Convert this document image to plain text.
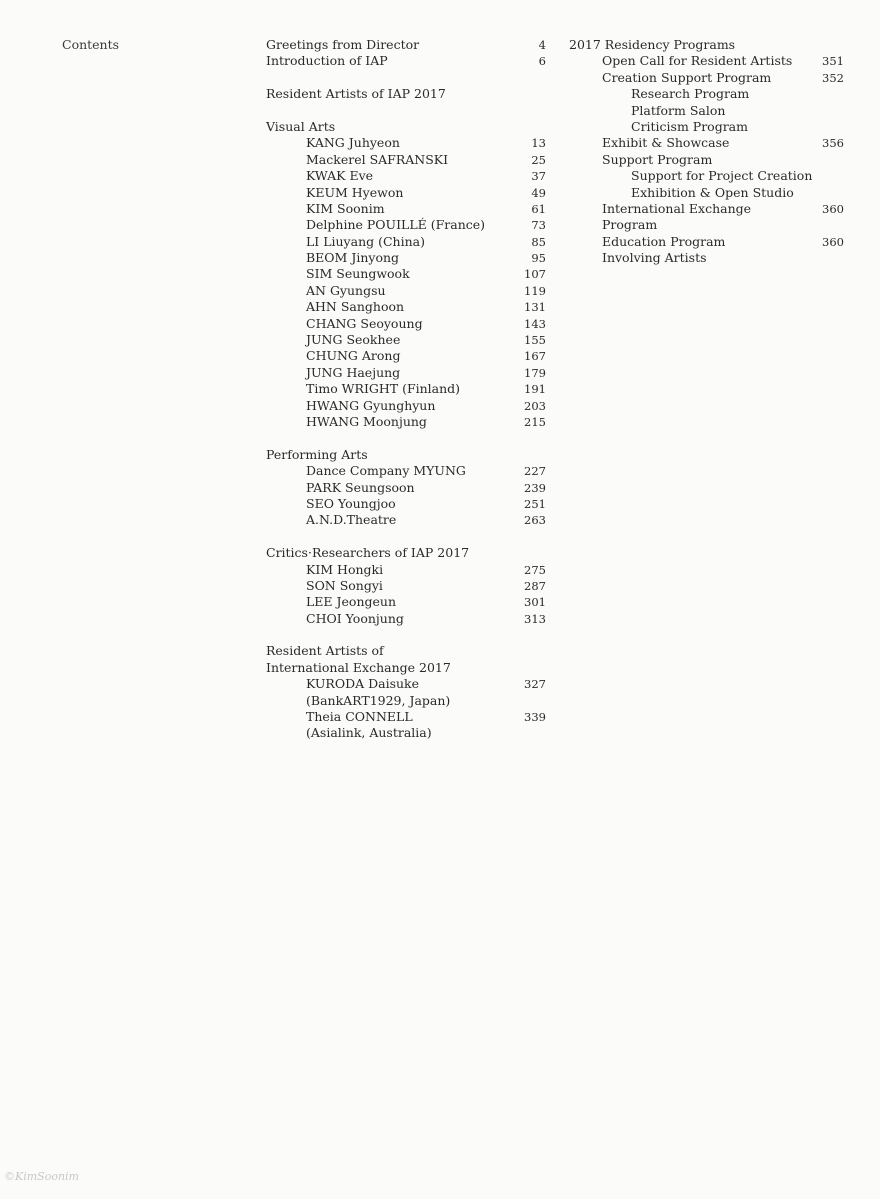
Contents	Greetings from Director	4
Introduction of IAP	6
Resident Artists of IAP 2017
Visual Arts
KANG Juhyeon	13
Mackerel SAFRANSKI	25
KWAK Eve	37
KEUM Hyewon	49
KIM Soonim	61
Delphine POUILLÉ (France)	73
LI Liuyang (China)	85
BEOM Jinyong	95
SIM Seungwook	107
AN Gyungsu	119
AHN Sanghoon	131
CHANG Seoyoung	143
JUNG Seokhee	155
CHUNG Arong	167
JUNG Haejung	179
Timo WRIGHT (Finland)	191
HWANG Gyunghyun	203
HWANG Moonjung	215
Performing Arts
Dance Company MYUNG	227
PARK Seungsoon	239
SEO Youngjoo	251
A.N.D.Theatre	263
Critics·Researchers of IAP 2017
KIM Hongki	275
SON Songyi	287
LEE Jeongeun	301
CHOI Yoonjung	313
Resident Artists of
International Exchange 2017
KURODA Daisuke	327
(BankART1929, Japan)
Theia CONNELL	339
(Asialink, Australia)
2017 Residency Programs
Open Call for Resident Artists	351
Creation Support Program	352
Research Program
Platform Salon
Criticism Program
Exhibit & Showcase	356
Support Program
Support for Project Creation
Exhibition & Open Studio
International Exchange	360
Program
Education Program	360
Involving Artists
©KimSoonim
